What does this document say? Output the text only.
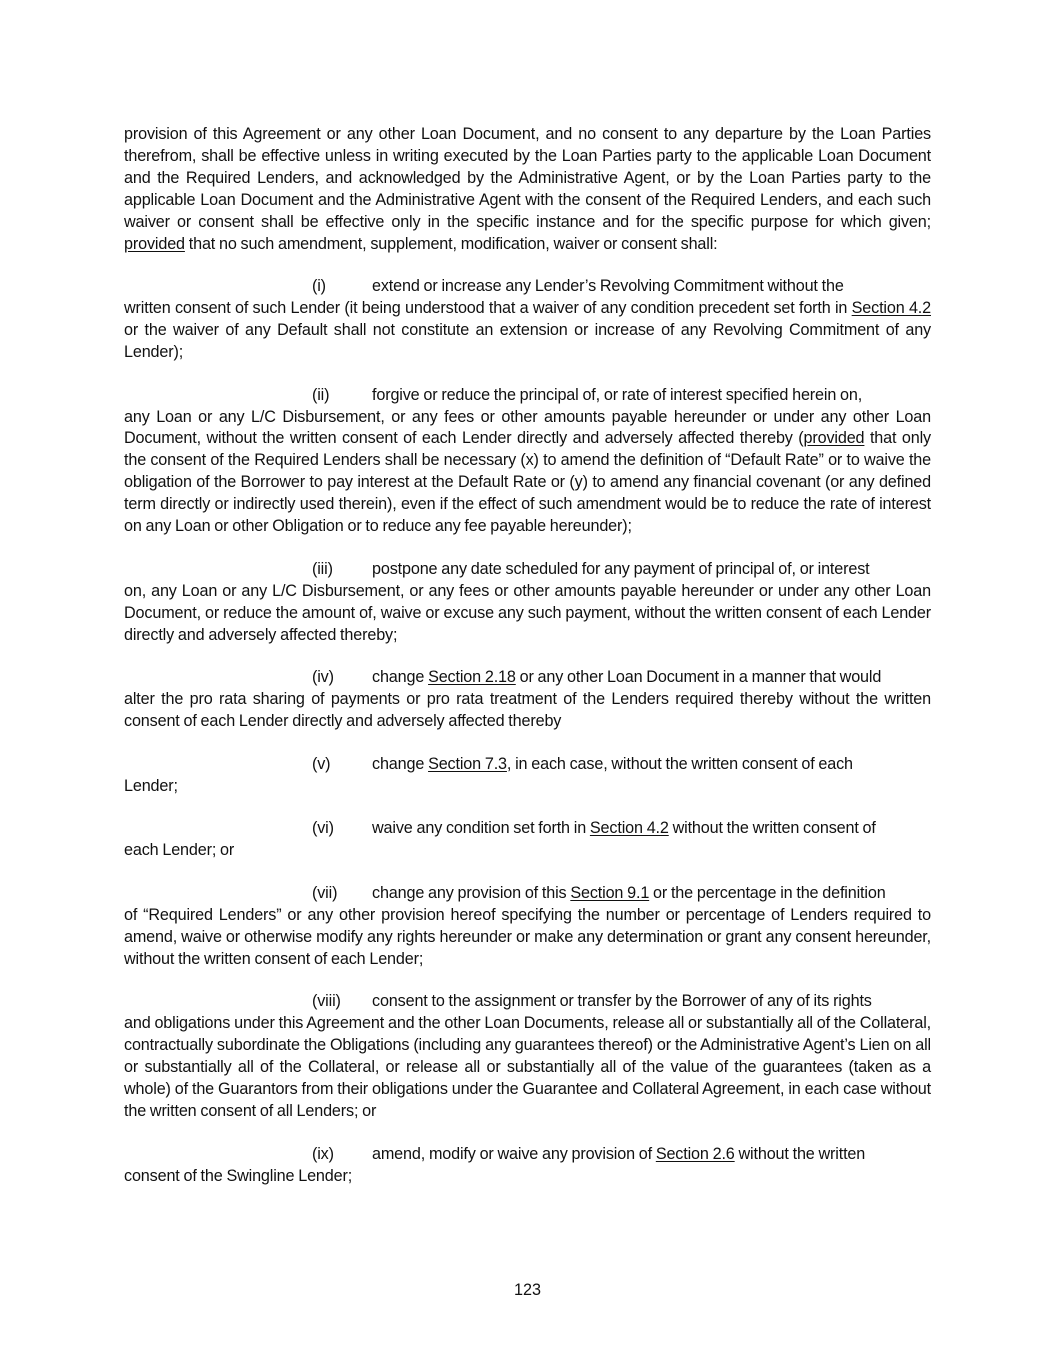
provision of this Agreement or any other Loan Document, and no consent to any departure by the Loan Parties therefrom, shall be effective unless in writing executed by the Loan Parties party to the applicable Loan Document and the Required Lenders, and acknowledged by the Administrative Agent, or by the Loan Parties party to the applicable Loan Document and the Administrative Agent with the consent of the Required Lenders, and each such waiver or consent shall be effective only in the specific instance and for the specific purpose for which given; provided that no such amendment, supplement, modification, waiver or consent shall:

(i)	extend or increase any Lender’s Revolving Commitment without the
written consent of such Lender (it being understood that a waiver of any condition precedent set forth in Section 4.2 or the waiver of any Default shall not constitute an extension or increase of any Revolving Commitment of any Lender);
(ii)	forgive or reduce the principal of, or rate of interest specified herein on,
any Loan or any L/C Disbursement, or any fees or other amounts payable hereunder or under any other Loan Document, without the written consent of each Lender directly and adversely affected thereby (provided that only the consent of the Required Lenders shall be necessary (x) to amend the definition of “Default Rate” or to waive the obligation of the Borrower to pay interest at the Default Rate or (y) to amend any financial covenant (or any defined term directly or indirectly used therein), even if the effect of such amendment would be to reduce the rate of interest on any Loan or other Obligation or to reduce any fee payable hereunder);
(iii) postpone any date scheduled for any payment of principal of, or interest
on, any Loan or any L/C Disbursement, or any fees or other amounts payable hereunder or under any other Loan Document, or reduce the amount of, waive or excuse any such payment, without the written consent of each Lender directly and adversely affected thereby;
(iv) change Section 2.18 or any other Loan Document in a manner that would
alter the pro rata sharing of payments or pro rata treatment of the Lenders required thereby without the written consent of each Lender directly and adversely affected thereby
(v)	change Section 7.3, in each case, without the written consent of each
Lender;
(vi) waive any condition set forth in Section 4.2 without the written consent of
each Lender; or
(vii) change any provision of this Section 9.1 or the percentage in the definition
of “Required Lenders” or any other provision hereof specifying the number or percentage of Lenders required to amend, waive or otherwise modify any rights hereunder or make any determination or grant any consent hereunder, without the written consent of each Lender;
(viii) consent to the assignment or transfer by the Borrower of any of its rights
and obligations under this Agreement and the other Loan Documents, release all or substantially all of the Collateral, contractually subordinate the Obligations (including any guarantees thereof) or the Administrative Agent’s Lien on all or substantially all of the Collateral, or release all or substantially all of the value of the guarantees (taken as a whole) of the Guarantors from their obligations under the Guarantee and Collateral Agreement, in each case without the written consent of all Lenders; or
(ix) amend, modify or waive any provision of Section 2.6 without the written
consent of the Swingline Lender;
123
